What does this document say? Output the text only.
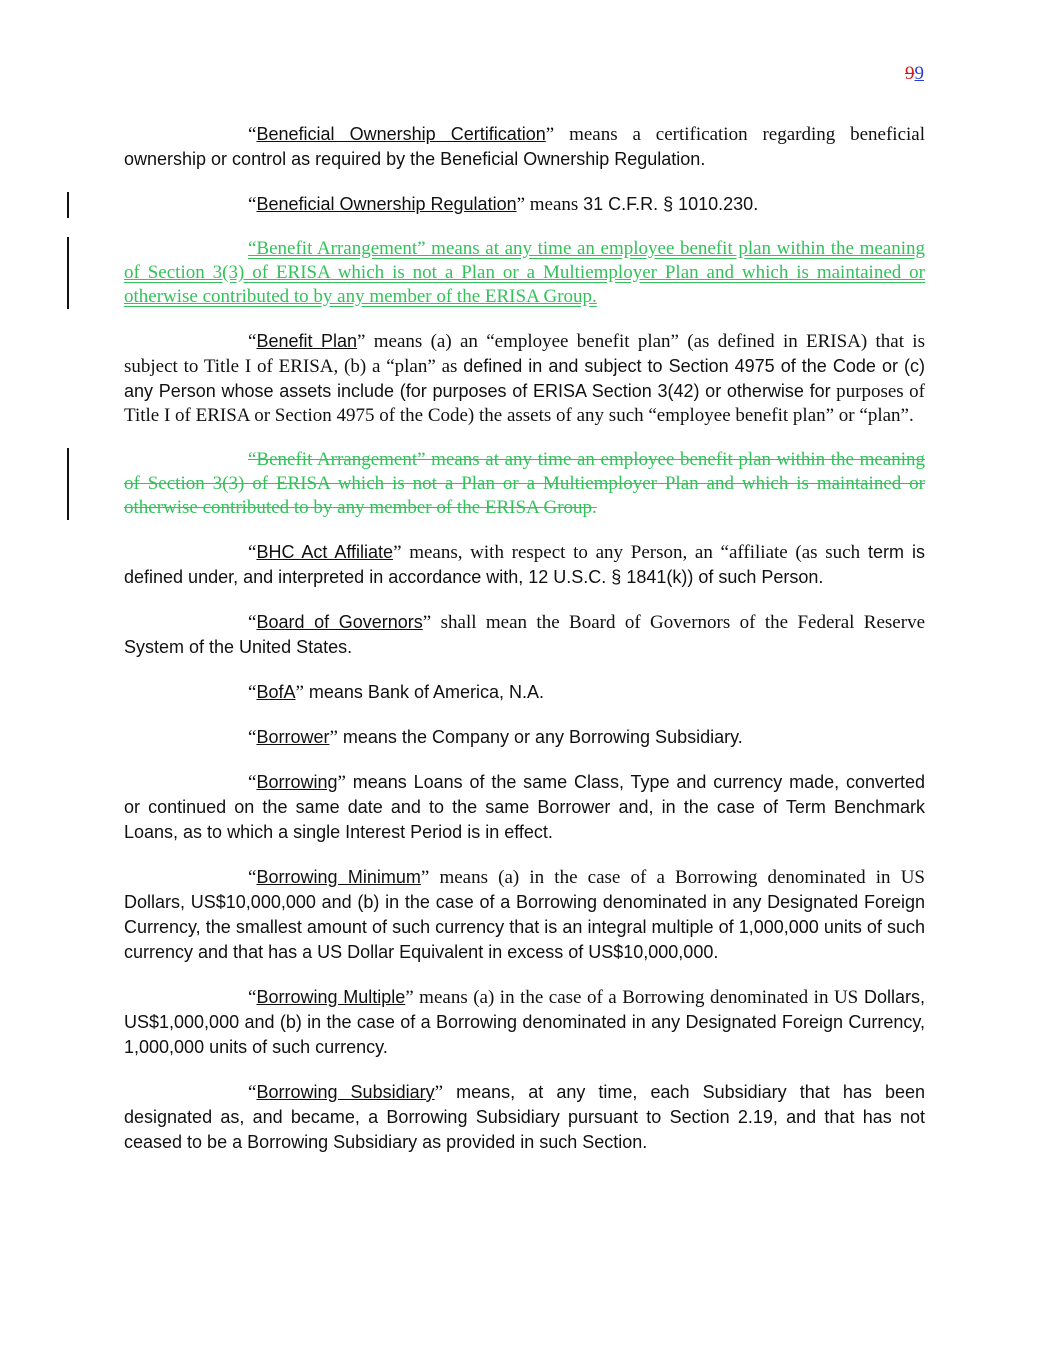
99

“Beneficial Ownership Certification” means a certification regarding beneficial ownership or control as required by the Beneficial Ownership Regulation.

“Beneficial Ownership Regulation” means 31 C.F.R. § 1010.230.

“Benefit Arrangement” means at any time an employee benefit plan within the meaning of Section 3(3) of ERISA which is not a Plan or a Multiemployer Plan and which is maintained or otherwise contributed to by any member of the ERISA Group.

“Benefit Plan” means (a) an “employee benefit plan” (as defined in ERISA) that is subject to Title I of ERISA, (b) a “plan” as defined in and subject to Section 4975 of the Code or (c) any Person whose assets include (for purposes of ERISA Section 3(42) or otherwise for purposes of Title I of ERISA or Section 4975 of the Code) the assets of any such “employee benefit plan” or “plan”.

“Benefit Arrangement” means at any time an employee benefit plan within the meaning of Section 3(3) of ERISA which is not a Plan or a Multiemployer Plan and which is maintained or otherwise contributed to by any member of the ERISA Group.

“BHC Act Affiliate” means, with respect to any Person, an “affiliate (as such term is defined under, and interpreted in accordance with, 12 U.S.C. § 1841(k)) of such Person.

“Board of Governors” shall mean the Board of Governors of the Federal Reserve System of the United States.

“BofA” means Bank of America, N.A.

“Borrower” means the Company or any Borrowing Subsidiary.

“Borrowing” means Loans of the same Class, Type and currency made, converted or continued on the same date and to the same Borrower and, in the case of Term Benchmark Loans, as to which a single Interest Period is in effect.

“Borrowing Minimum” means (a) in the case of a Borrowing denominated in US Dollars, US$10,000,000 and (b) in the case of a Borrowing denominated in any Designated Foreign Currency, the smallest amount of such currency that is an integral multiple of 1,000,000 units of such currency and that has a US Dollar Equivalent in excess of US$10,000,000.

“Borrowing Multiple” means (a) in the case of a Borrowing denominated in US Dollars, US$1,000,000 and (b) in the case of a Borrowing denominated in any Designated Foreign Currency, 1,000,000 units of such currency.

“Borrowing Subsidiary” means, at any time, each Subsidiary that has been designated as, and became, a Borrowing Subsidiary pursuant to Section 2.19, and that has not ceased to be a Borrowing Subsidiary as provided in such Section.
